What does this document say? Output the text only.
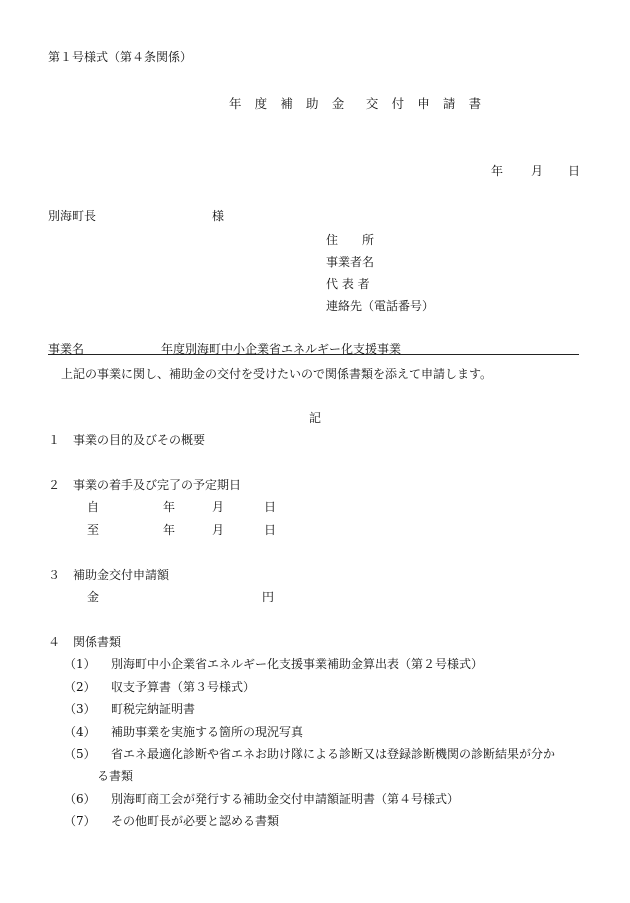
第１号様式（第４条関係）
年 度 補 助 金　交 付 申 請 書
年 月 日
別海町長	様
住　　所
事業者名
代 表 者
連絡先（電話番号）
事業名	年度別海町中小企業省エネルギー化支援事業
上記の事業に関し、補助金の交付を受けたいので関係書類を添えて申請します。
記
１ 事業の目的及びその概要
２ 事業の着手及び完了の予定期日
自	年	月	日
至	年	月	日
３ 補助金交付申請額
金	円
４ 関係書類
（1） 別海町中小企業省エネルギー化支援事業補助金算出表（第２号様式）
（2） 収支予算書（第３号様式）
（3） 町税完納証明書
（4） 補助事業を実施する箇所の現況写真
（5） 省エネ最適化診断や省エネお助け隊による診断又は登録診断機関の診断結果が分か
る書類
（6） 別海町商工会が発行する補助金交付申請額証明書（第４号様式）
（7） その他町長が必要と認める書類
